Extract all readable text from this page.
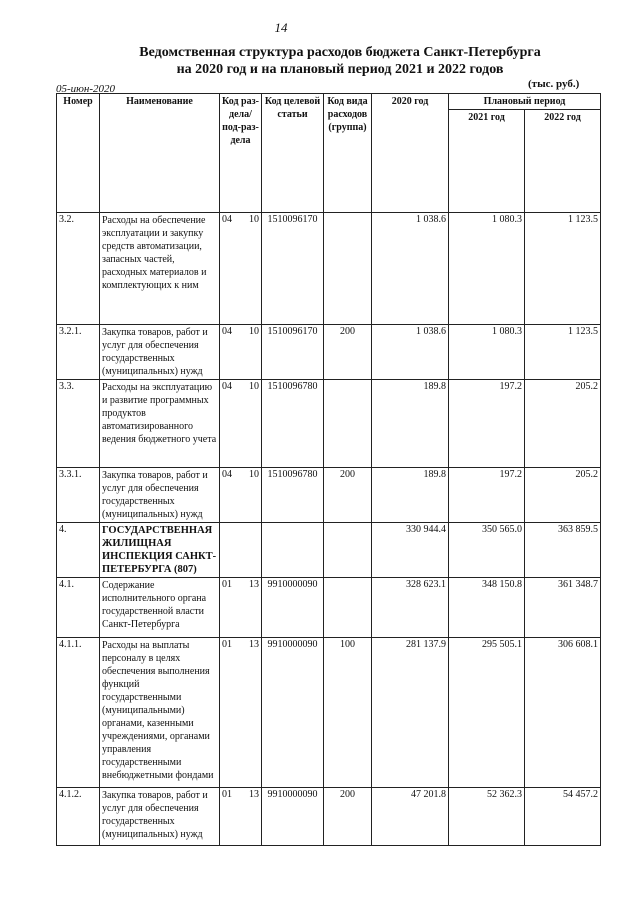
14
Ведомственная структура расходов бюджета Санкт-Петербурга
на 2020 год и на плановый период 2021 и 2022 годов
05-июн-2020	(тыс. руб.)
Номер	Наименование	Код раз-дела/ под-раз-дела	Код целевой статьи	Код вида расходов (группа)	2020 год	Плановый период	
						2021 год	2022 год
3.2.	Расходы на обеспечение эксплуатации и закупку средств автоматизации, запасных частей, расходных материалов и комплектующих к ним	04 10	1510096170		1 038.6	1 080.3	1 123.5
3.2.1.	Закупка товаров, работ и услуг для обеспечения государственных (муниципальных) нужд	04 10	1510096170	200	1 038.6	1 080.3	1 123.5
3.3.	Расходы на эксплуатацию и развитие программных продуктов автоматизированного ведения бюджетного учета	04 10	1510096780		189.8	197.2	205.2
3.3.1.	Закупка товаров, работ и услуг для обеспечения государственных (муниципальных) нужд	04 10	1510096780	200	189.8	197.2	205.2
4.	ГОСУДАРСТВЕННАЯ ЖИЛИЩНАЯ ИНСПЕКЦИЯ САНКТ-ПЕТЕРБУРГА (807)				330 944.4	350 565.0	363 859.5
4.1.	Содержание исполнительного органа государственной власти Санкт-Петербурга	01 13	9910000090		328 623.1	348 150.8	361 348.7
4.1.1.	Расходы на выплаты персоналу в целях обеспечения выполнения функций государственными (муниципальными) органами, казенными учреждениями, органами управления государственными внебюджетными фондами	01 13	9910000090	100	281 137.9	295 505.1	306 608.1
4.1.2.	Закупка товаров, работ и услуг для обеспечения государственных (муниципальных) нужд	01 13	9910000090	200	47 201.8	52 362.3	54 457.2
